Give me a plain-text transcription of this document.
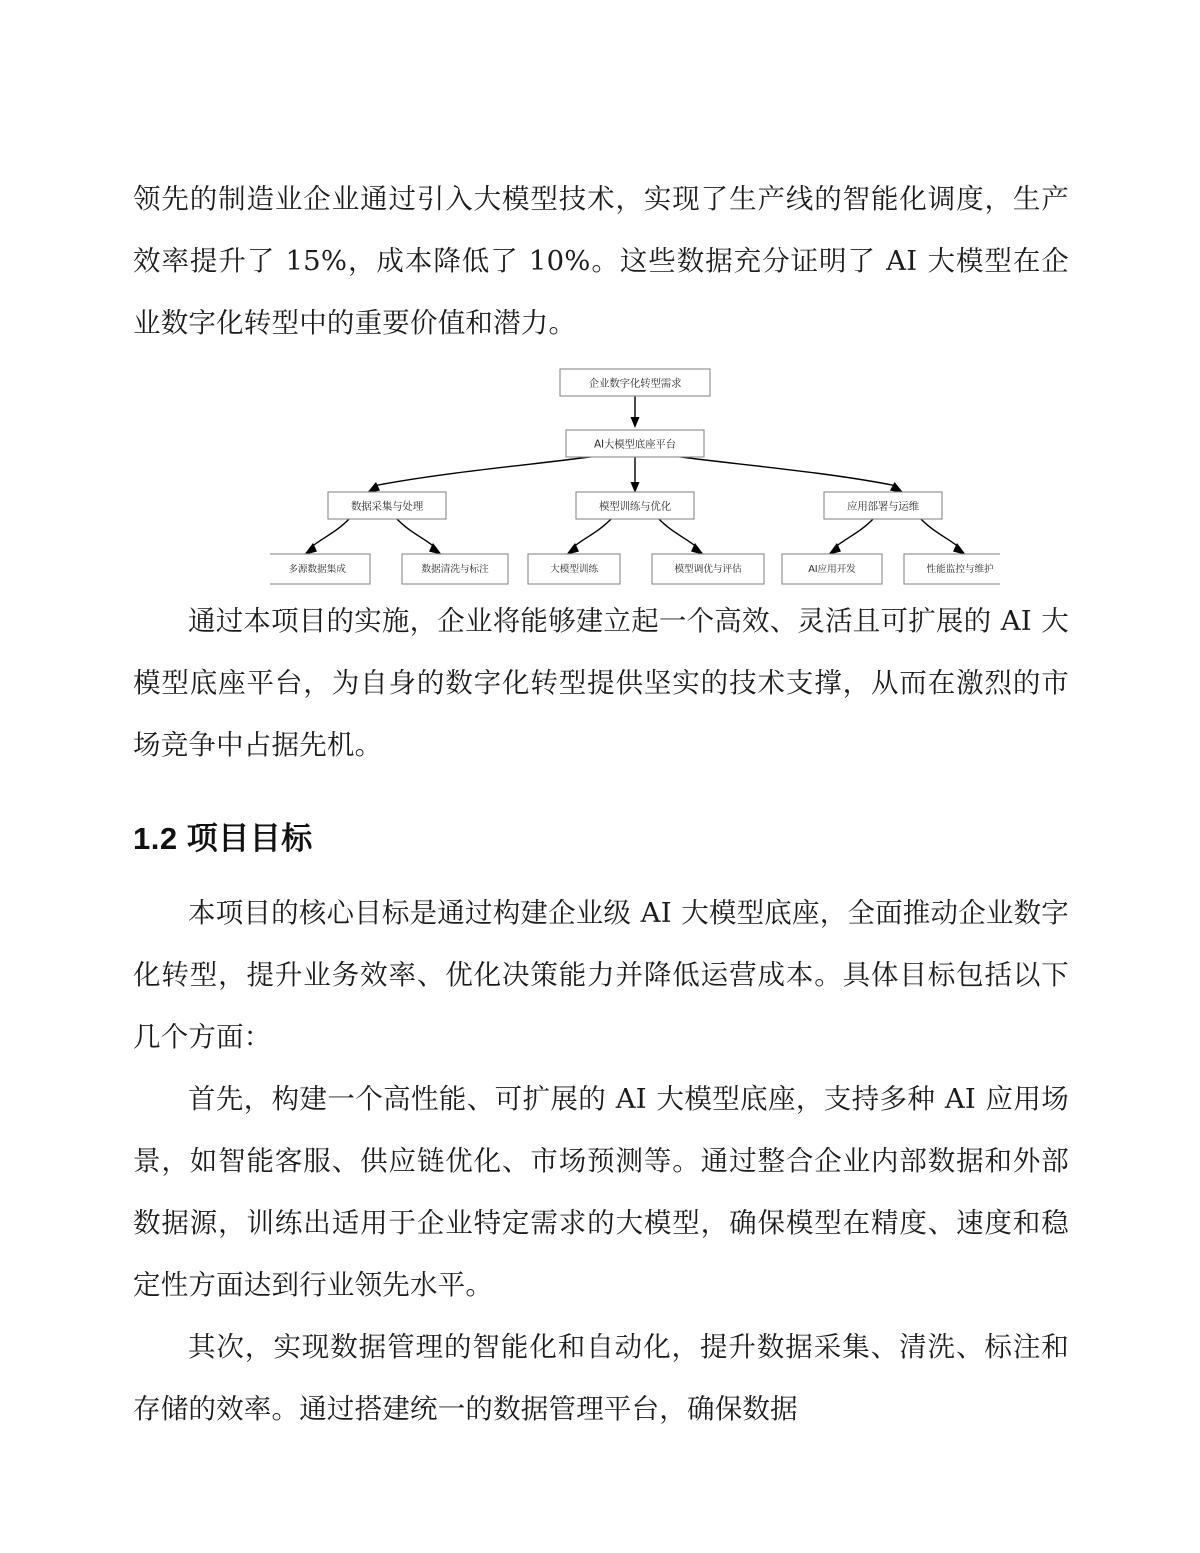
领先的制造业企业通过引入大模型技术，实现了生产线的智能化调度，生产效率提升了 15%，成本降低了 10%。这些数据充分证明了 AI 大模型在企业数字化转型中的重要价值和潜力。

通过本项目的实施，企业将能够建立起一个高效、灵活且可扩展的 AI 大模型底座平台，为自身的数字化转型提供坚实的技术支撑，从而在激烈的市场竞争中占据先机。

1.2 项目目标

本项目的核心目标是通过构建企业级 AI 大模型底座，全面推动企业数字化转型，提升业务效率、优化决策能力并降低运营成本。具体目标包括以下几个方面：

首先，构建一个高性能、可扩展的 AI 大模型底座，支持多种 AI 应用场景，如智能客服、供应链优化、市场预测等。通过整合企业内部数据和外部数据源，训练出适用于企业特定需求的大模型，确保模型在精度、速度和稳定性方面达到行业领先水平。

其次，实现数据管理的智能化和自动化，提升数据采集、清洗、标注和存储的效率。通过搭建统一的数据管理平台，确保数据

企业数字化转型需求
AI大模型底座平台
数据采集与处理	模型训练与优化	应用部署与运维
多源数据集成	数据清洗与标注	大模型训练	模型调优与评估	AI应用开发	性能监控与维护
